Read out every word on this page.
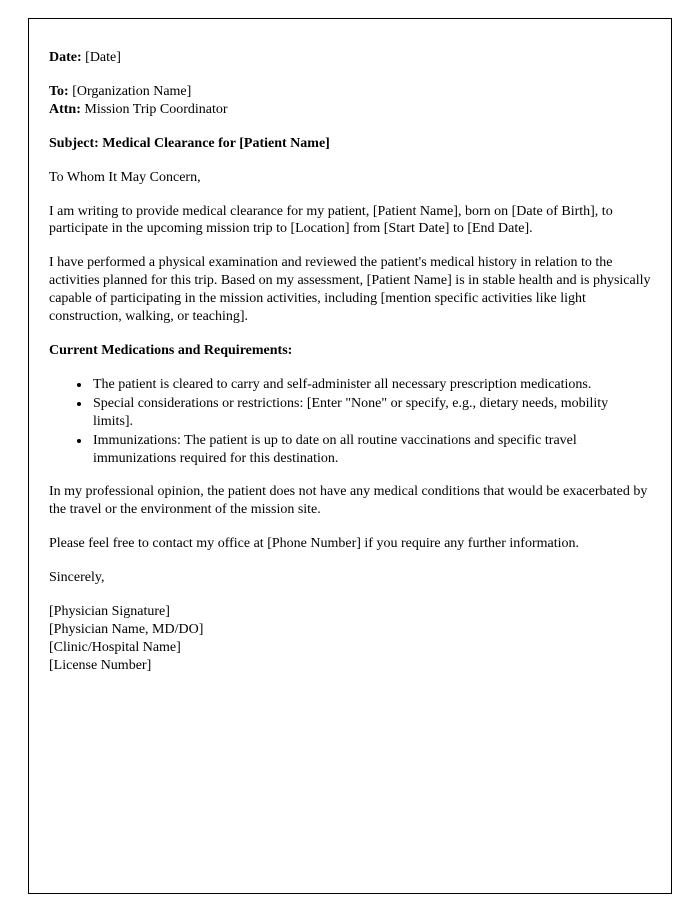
Date: [Date]

To: [Organization Name]

Attn: Mission Trip Coordinator

Subject: Medical Clearance for [Patient Name]

To Whom It May Concern,

I am writing to provide medical clearance for my patient, [Patient Name], born on [Date of Birth], to participate in the upcoming mission trip to [Location] from [Start Date] to [End Date].

I have performed a physical examination and reviewed the patient's medical history in relation to the activities planned for this trip. Based on my assessment, [Patient Name] is in stable health and is physically capable of participating in the mission activities, including [mention specific activities like light construction, walking, or teaching].

Current Medications and Requirements:

• The patient is cleared to carry and self-administer all necessary prescription medications.
• Special considerations or restrictions: [Enter "None" or specify, e.g., dietary needs, mobility limits].
• Immunizations: The patient is up to date on all routine vaccinations and specific travel immunizations required for this destination.

In my professional opinion, the patient does not have any medical conditions that would be exacerbated by the travel or the environment of the mission site.

Please feel free to contact my office at [Phone Number] if you require any further information.

Sincerely,

[Physician Signature]

[Physician Name, MD/DO]

[Clinic/Hospital Name]

[License Number]
